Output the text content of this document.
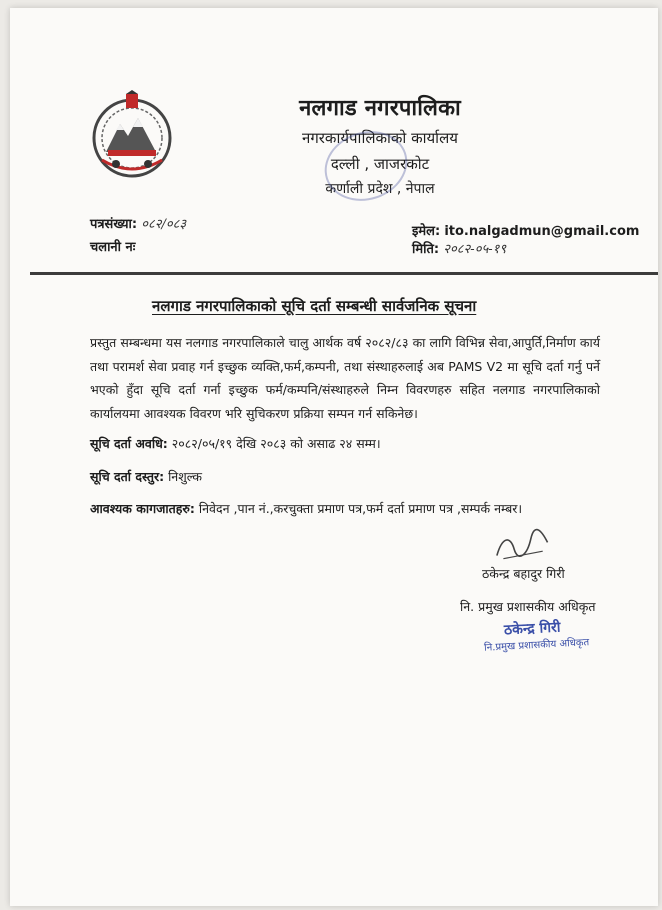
नलगाड नगरपालिका
नगरकार्यपालिकाको कार्यालय
दल्ली , जाजरकोट
कर्णाली प्रदेश , नेपाल
पत्रसंख्या: ०८२/०८३
चलानी नः
इमेल: ito.nalgadmun@gmail.com
मिति: २०८२-०५-१९
नलगाड नगरपालिकाको सूचि दर्ता सम्बन्धी सार्वजनिक सूचना
प्रस्तुत सम्बन्धमा यस नलगाड नगरपालिकाले चालु आर्थक वर्ष २०८२/८३ का लागि विभिन्न सेवा,आपुर्ति,निर्माण कार्य तथा परामर्श सेवा प्रवाह गर्न इच्छुक व्यक्ति,फर्म,कम्पनी, तथा संस्थाहरुलाई अब PAMS V2 मा सूचि दर्ता गर्नु पर्ने भएको हुँदा सूचि दर्ता गर्ना इच्छुक फर्म/कम्पनि/संस्थाहरुले निम्न विवरणहरु सहित नलगाड नगरपालिकाको कार्यालयमा आवश्यक विवरण भरि सुचिकरण प्रक्रिया सम्पन गर्न सकिनेछ।
सूचि दर्ता अवधि: २०८२/०५/१९ देखि २०८३ को असाढ २४ सम्म।
सूचि दर्ता दस्तुर: निशुल्क
आवश्यक कागजातहरु: निवेदन ,पान नं.,करचुक्ता प्रमाण पत्र,फर्म दर्ता प्रमाण पत्र ,सम्पर्क नम्बर।
ठकेन्द्र बहादुर गिरी
नि. प्रमुख प्रशासकीय अधिकृत
ठकेन्द्र गिरी
नि.प्रमुख प्रशासकीय अधिकृत
